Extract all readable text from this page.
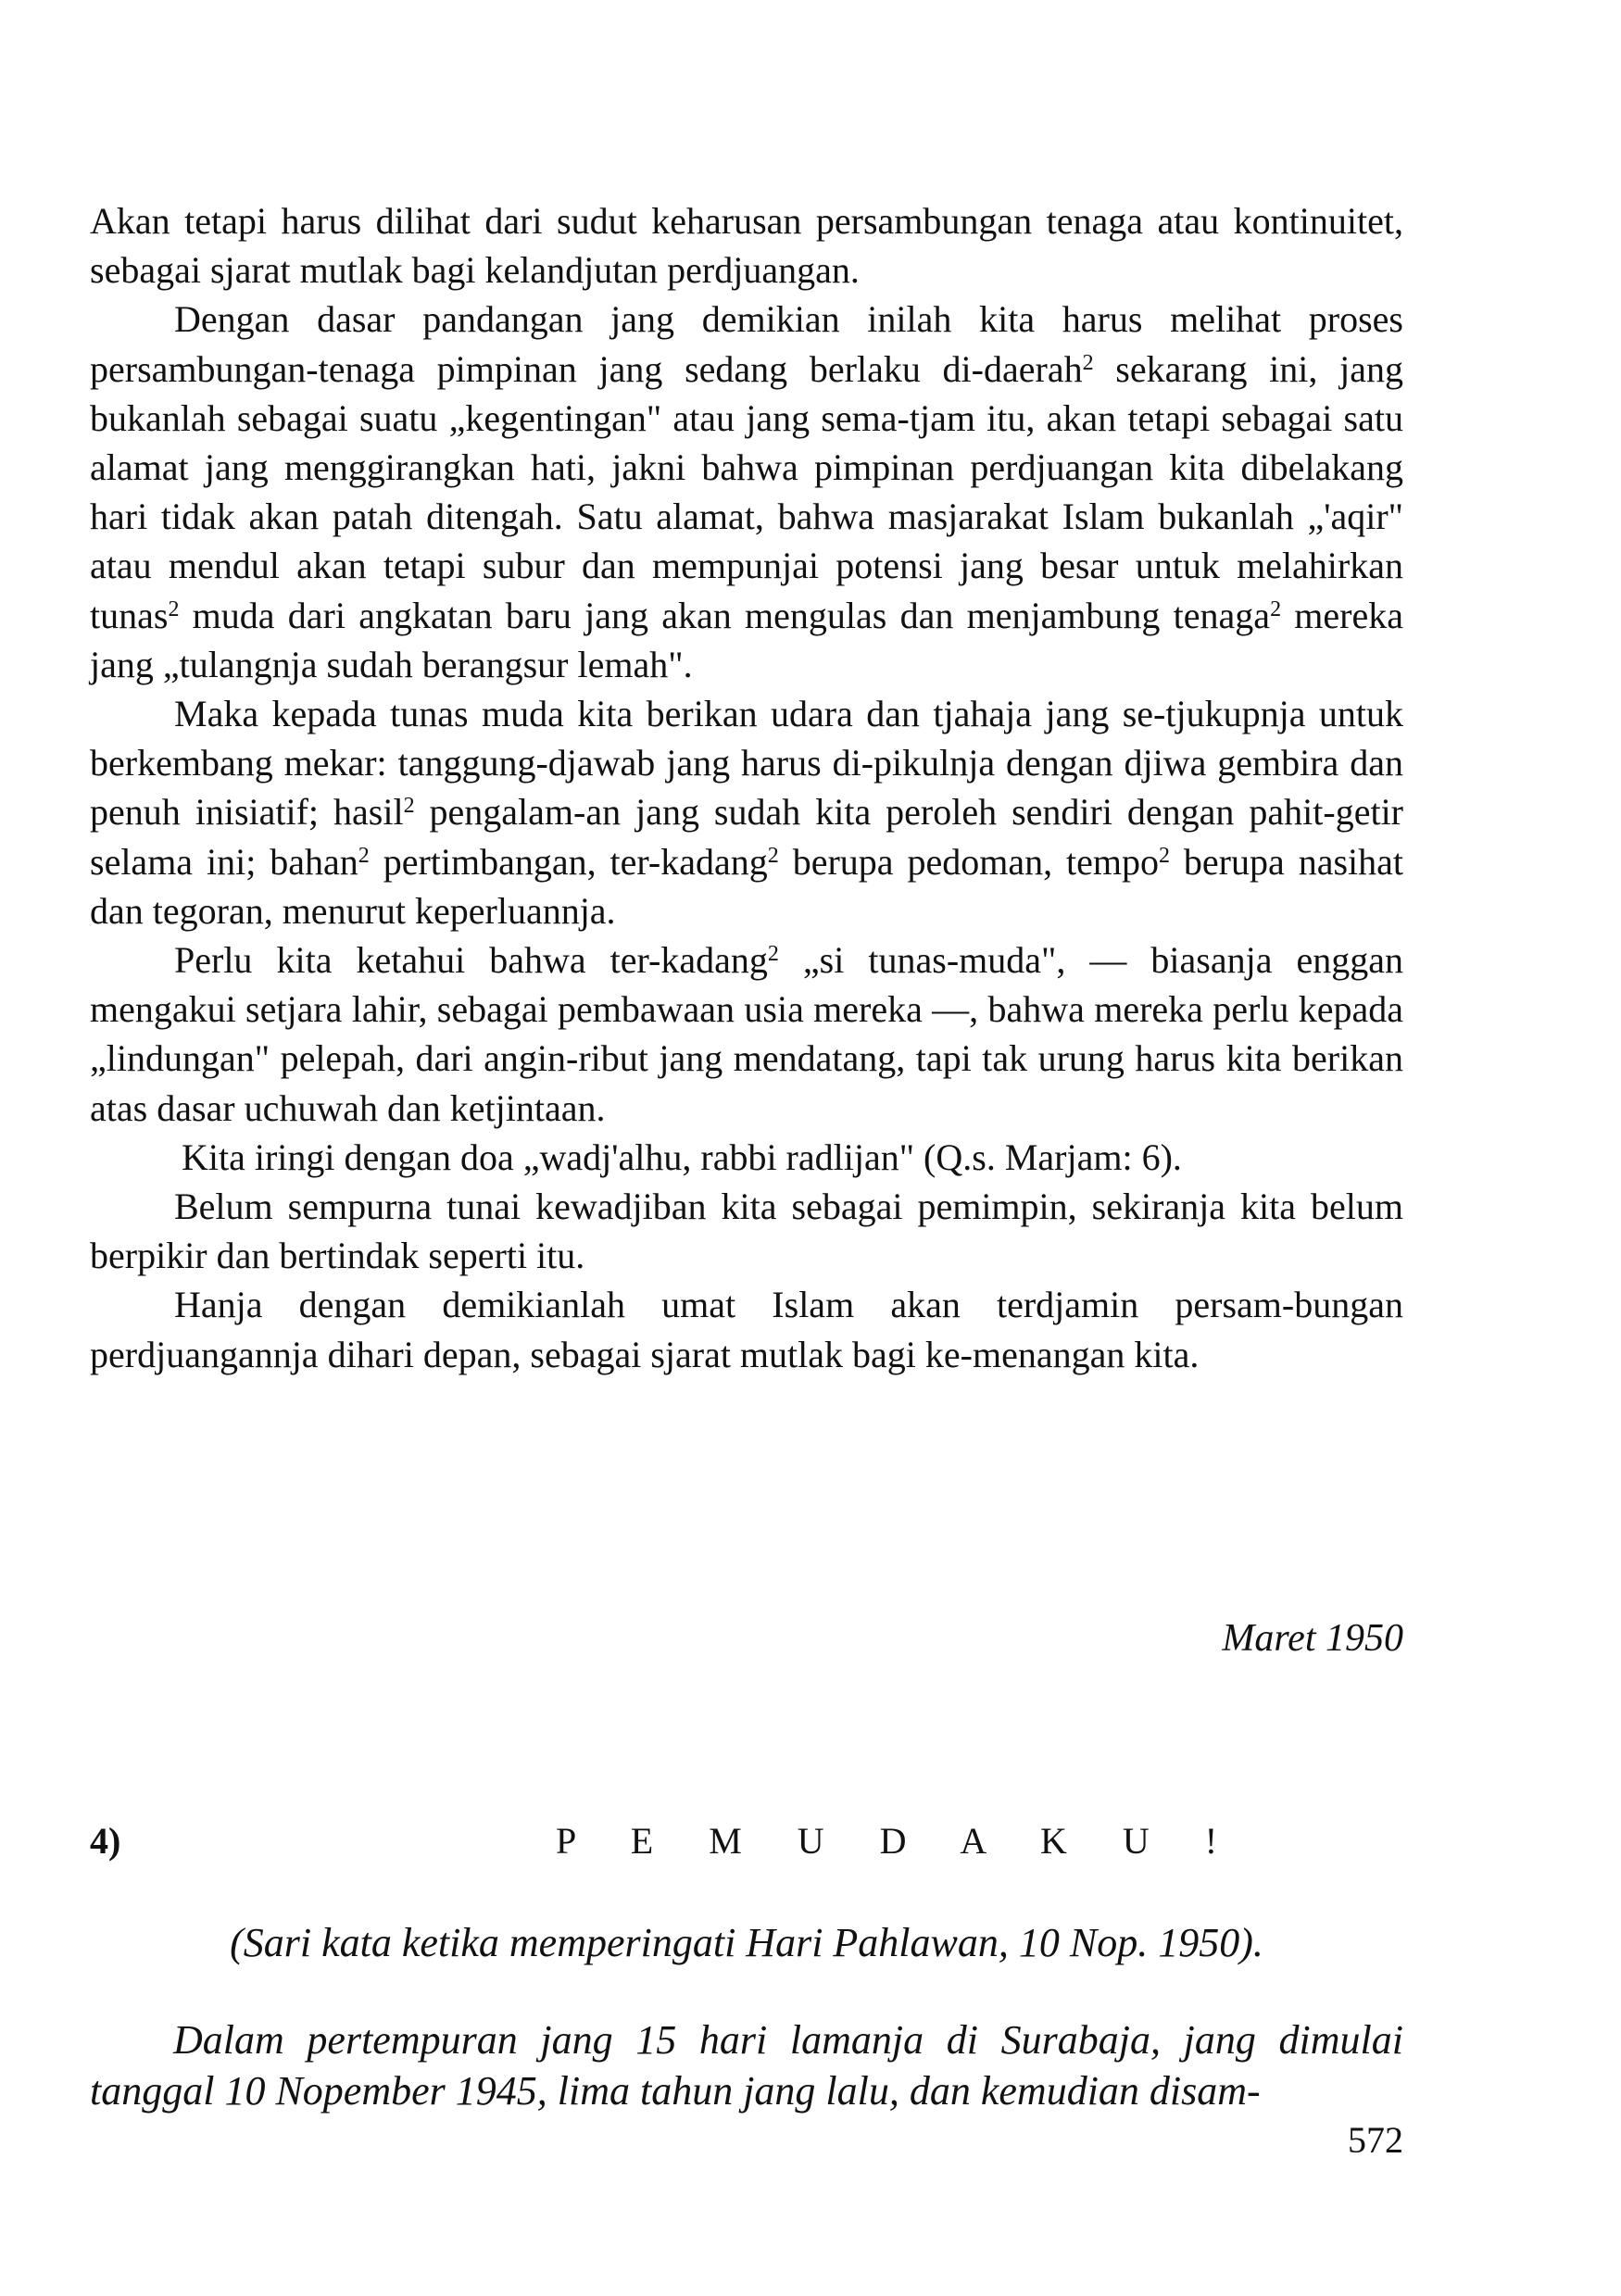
Akan tetapi harus dilihat dari sudut keharusan persambungan tenaga atau kontinuitet, sebagai sjarat mutlak bagi kelandjutan perdjuangan.

Dengan dasar pandangan jang demikian inilah kita harus melihat proses persambungan-tenaga pimpinan jang sedang berlaku di-daerah$^2$ sekarang ini, jang bukanlah sebagai suatu „kegentingan" atau jang sema-tjam itu, akan tetapi sebagai satu alamat jang menggirangkan hati, jakni bahwa pimpinan perdjuangan kita dibelakang hari tidak akan patah ditengah. Satu alamat, bahwa masjarakat Islam bukanlah „'aqir" atau mendul akan tetapi subur dan mempunjai potensi jang besar untuk melahirkan tunas$^2$ muda dari angkatan baru jang akan mengulas dan menjambung tenaga$^2$ mereka jang „tulangnja sudah berangsur lemah".

Maka kepada tunas muda kita berikan udara dan tjahaja jang se-tjukupnja untuk berkembang mekar: tanggung-djawab jang harus di-pikulnja dengan djiwa gembira dan penuh inisiatif; hasil$^2$ pengalam-an jang sudah kita peroleh sendiri dengan pahit-getir selama ini; bahan$^2$ pertimbangan, ter-kadang$^2$ berupa pedoman, tempo$^2$ berupa nasihat dan tegoran, menurut keperluannja.

Perlu kita ketahui bahwa ter-kadang$^2$ „si tunas-muda", — biasanja enggan mengakui setjara lahir, sebagai pembawaan usia mereka —, bahwa mereka perlu kepada „lindungan" pelepah, dari angin-ribut jang mendatang, tapi tak urung harus kita berikan atas dasar uchuwah dan ketjintaan.

Kita iringi dengan doa „wadj'alhu, rabbi radlijan" (Q.s. Marjam: 6).

Belum sempurna tunai kewadjiban kita sebagai pemimpin, sekiranja kita belum berpikir dan bertindak seperti itu.

Hanja dengan demikianlah umat Islam akan terdjamin persam-bungan perdjuangannja dihari depan, sebagai sjarat mutlak bagi ke-menangan kita.

Maret 1950
4)	P E M U D A K U !
(Sari kata ketika memperingati Hari Pahlawan, 10 Nop. 1950).

Dalam pertempuran jang 15 hari lamanja di Surabaja, jang dimulai tanggal 10 Nopember 1945, lima tahun jang lalu, dan kemudian disam-

572
